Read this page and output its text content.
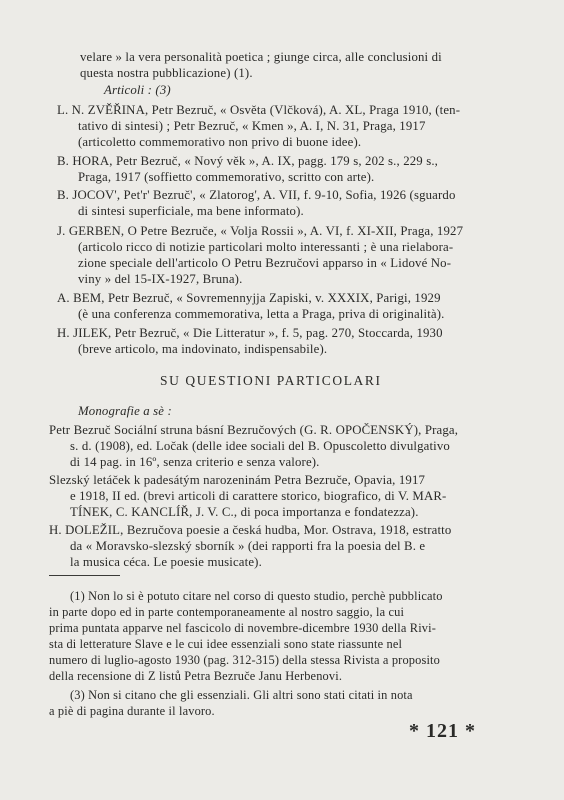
velare » la vera personalità poetica ; giunge circa, alle conclusioni di
questa nostra pubblicazione) (1).
Articoli : (3)
L. N. ZVĚŘINA, Petr Bezruč, « Osvěta (Vlčková), A. XL, Praga 1910, (ten-
tativo di sintesi) ; Petr Bezruč, « Kmen », A. I, N. 31, Praga, 1917
(articoletto commemorativo non privo di buone idee).
B. HORA, Petr Bezruč, « Nový věk », A. IX, pagg. 179 s, 202 s., 229 s.,
Praga, 1917 (soffietto commemorativo, scritto con arte).
B. JOCOV', Pet'r' Bezruč', « Zlatorog', A. VII, f. 9-10, Sofia, 1926 (sguardo
di sintesi superficiale, ma bene informato).
J. GERBEN, O Petre Bezruče, « Volja Rossii », A. VI, f. XI-XII, Praga, 1927
(articolo ricco di notizie particolari molto interessanti ; è una rielabora-
zione speciale dell'articolo O Petru Bezručovi apparso in « Lidové No-
viny » del 15-IX-1927, Bruna).
A. BEM, Petr Bezruč, « Sovremennyjja Zapiski, v. XXXIX, Parigi, 1929
(è una conferenza commemorativa, letta a Praga, priva di originalità).
H. JILEK, Petr Bezruč, « Die Litteratur », f. 5, pag. 270, Stoccarda, 1930
(breve articolo, ma indovinato, indispensabile).
SU QUESTIONI PARTICOLARI
Monografie a sè :
Petr Bezruč Sociální struna básní Bezručových (G. R. OPOČENSKÝ), Praga,
s. d. (1908), ed. Ločak (delle idee sociali del B. Opuscoletto divulgativo
di 14 pag. in 16º, senza criterio e senza valore).
Slezský letáček k padesátým narozeninám Petra Bezruče, Opavia, 1917
e 1918, II ed. (brevi articoli di carattere storico, biografico, di V. MAR-
TÍNEK, C. KANCLÍŘ, J. V. C., di poca importanza e fondatezza).
H. DOLEŽIL, Bezručova poesie a česká hudba, Mor. Ostrava, 1918, estratto
da « Moravsko-slezský sborník » (dei rapporti fra la poesia del B. e
la musica céca. Le poesie musicate).
(1) Non lo si è potuto citare nel corso di questo studio, perchè pubblicato
in parte dopo ed in parte contemporaneamente al nostro saggio, la cui
prima puntata apparve nel fascicolo di novembre-dicembre 1930 della Rivi-
sta di letterature Slave e le cui idee essenziali sono state riassunte nel
numero di luglio-agosto 1930 (pag. 312-315) della stessa Rivista a proposito
della recensione di Z listů Petra Bezruče Janu Herbenovi.
(3) Non si citano che gli essenziali. Gli altri sono stati citati in nota
a piè di pagina durante il lavoro.
* 121 *
